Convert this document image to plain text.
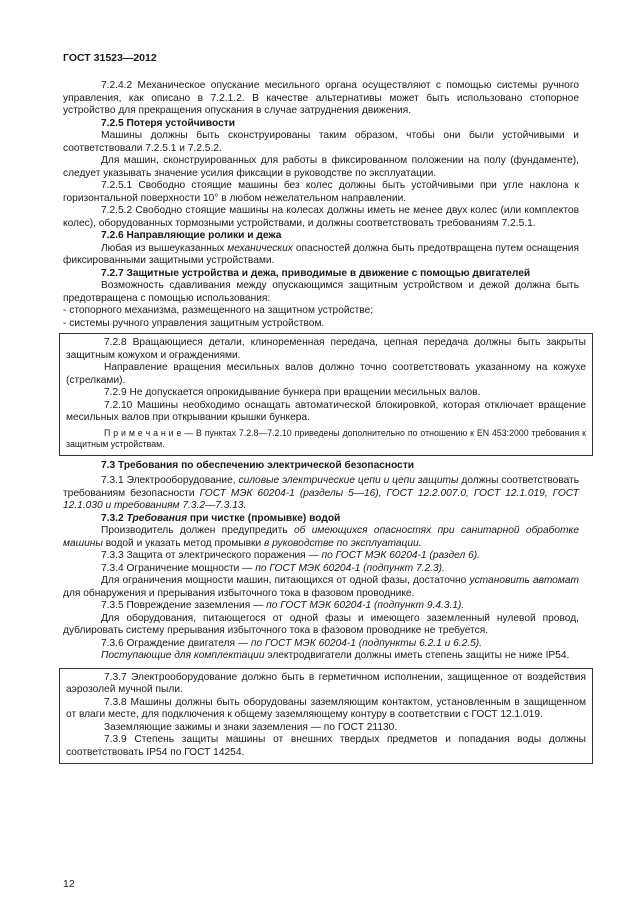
ГОСТ 31523—2012

7.2.4.2 Механическое опускание месильного органа осуществляют с помощью системы ручного управления, как описано в 7.2.1.2. В качестве альтернативы может быть использовано стопорное устройство для прекращения опускания в случае затруднения движения.

7.2.5 Потеря устойчивости

Машины должны быть сконструированы таким образом, чтобы они были устойчивыми и соответствовали 7.2.5.1 и 7.2.5.2.

Для машин, сконструированных для работы в фиксированном положении на полу (фундаменте), следует указывать значение усилия фиксации в руководстве по эксплуатации.

7.2.5.1 Свободно стоящие машины без колес должны быть устойчивыми при угле наклона к горизонтальной поверхности 10° в любом нежелательном направлении.

7.2.5.2 Свободно стоящие машины на колесах должны иметь не менее двух колес (или комплектов колес), оборудованных тормозными устройствами, и должны соответствовать требованиям 7.2.5.1.

7.2.6 Направляющие ролики и дежа

Любая из вышеуказанных механических опасностей должна быть предотвращена путем оснащения фиксированными защитными устройствами.

7.2.7 Защитные устройства и дежа, приводимые в движение с помощью двигателей

Возможность сдавливания между опускающимся защитным устройством и дежой должна быть предотвращена с помощью использования:

- стопорного механизма, размещенного на защитном устройстве;

- системы ручного управления защитным устройством.

7.2.8 Вращающиеся детали, клиноременная передача, цепная передача должны быть закрыты защитным кожухом и ограждениями.

Направление вращения месильных валов должно точно соответствовать указанному на кожухе (стрелками).

7.2.9 Не допускается опрокидывание бункера при вращении месильных валов.

7.2.10 Машины необходимо оснащать автоматической блокировкой, которая отключает вращение месильных валов при открывании крышки бункера.

П р и м е ч а н и е — В пунктах 7.2.8—7.2.10 приведены дополнительно по отношению к EN 453:2000 требования к защитным устройствам.

7.3 Требования по обеспечению электрической безопасности

7.3.1 Электрооборудование, силовые электрические цепи и цепи защиты должны соответствовать требованиям безопасности ГОСТ МЭК 60204-1 (разделы 5—16), ГОСТ 12.2.007.0, ГОСТ 12.1.019, ГОСТ 12.1.030 и требованиям 7.3.2—7.3.13.

7.3.2 Требования при чистке (промывке) водой

Производитель должен предупредить об имеющихся опасностях при санитарной обработке машины водой и указать метод промывки в руководстве по эксплуатации.

7.3.3 Защита от электрического поражения — по ГОСТ МЭК 60204-1 (раздел 6).

7.3.4 Ограничение мощности — по ГОСТ МЭК 60204-1 (подпункт 7.2.3).

Для ограничения мощности машин, питающихся от одной фазы, достаточно установить автомат для обнаружения и прерывания избыточного тока в фазовом проводнике.

7.3.5 Повреждение заземления — по ГОСТ МЭК 60204-1 (подпункт 9.4.3.1).

Для оборудования, питающегося от одной фазы и имеющего заземленный нулевой провод, дублировать систему прерывания избыточного тока в фазовом проводнике не требуется.

7.3.6 Ограждение двигателя — по ГОСТ МЭК 60204-1 (подпункты 6.2.1 и 6.2.5).

Поступающие для комплектации электродвигатели должны иметь степень защиты не ниже IP54.

7.3.7 Электрооборудование должно быть в герметичном исполнении, защищенное от воздействия аэрозолей мучной пыли.

7.3.8 Машины должны быть оборудованы заземляющим контактом, установленным в защищенном от влаги месте, для подключения к общему заземляющему контуру в соответствии с ГОСТ 12.1.019.

Заземляющие зажимы и знаки заземления — по ГОСТ 21130.

7.3.9 Степень защиты машины от внешних твердых предметов и попадания воды должны соответствовать IP54 по ГОСТ 14254.

12
